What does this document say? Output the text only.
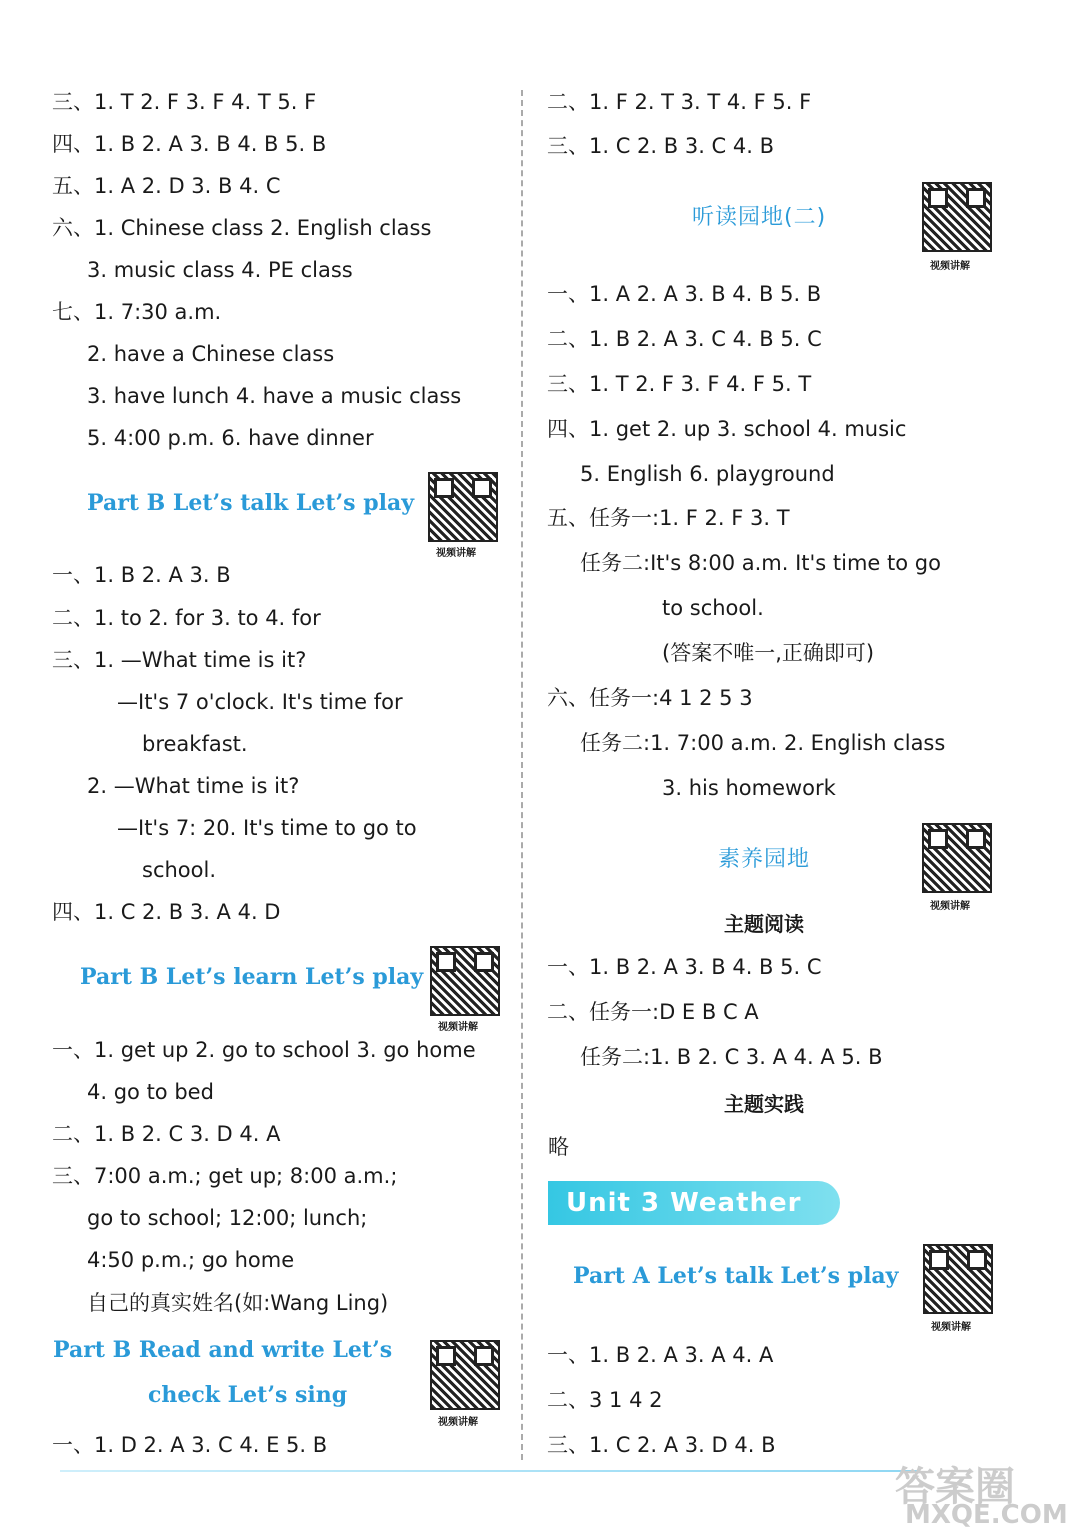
三、1. T 2. F 3. F 4. T 5. F
四、1. B 2. A 3. B 4. B 5. B
五、1. A 2. D 3. B 4. C
六、1. Chinese class 2. English class
3. music class 4. PE class
七、1. 7:30 a.m.
2. have a Chinese class
3. have lunch 4. have a music class
5. 4:00 p.m. 6. have dinner
Part B Let’s talk Let’s play
视频讲解
一、1. B 2. A 3. B
二、1. to 2. for 3. to 4. for
三、1. —What time is it?
—It's 7 o'clock. It's time for
breakfast.
2. —What time is it?
—It's 7: 20. It's time to go to
school.
四、1. C 2. B 3. A 4. D
Part B Let’s learn Let’s play
视频讲解
一、1. get up 2. go to school 3. go home
4. go to bed
二、1. B 2. C 3. D 4. A
三、7:00 a.m.; get up; 8:00 a.m.;
go to school; 12:00; lunch;
4:50 p.m.; go home
自己的真实姓名(如:Wang Ling)
Part B Read and write Let’s
check Let’s sing
视频讲解
一、1. D 2. A 3. C 4. E 5. B
二、1. F 2. T 3. T 4. F 5. F
三、1. C 2. B 3. C 4. B
听读园地(二)
视频讲解
一、1. A 2. A 3. B 4. B 5. B
二、1. B 2. A 3. C 4. B 5. C
三、1. T 2. F 3. F 4. F 5. T
四、1. get 2. up 3. school 4. music
5. English 6. playground
五、任务一:1. F 2. F 3. T
任务二:It's 8:00 a.m. It's time to go
to school.
(答案不唯一,正确即可)
六、任务一:4 1 2 5 3
任务二:1. 7:00 a.m. 2. English class
3. his homework
素养园地
视频讲解
主题阅读
一、1. B 2. A 3. B 4. B 5. C
二、任务一:D E B C A
任务二:1. B 2. C 3. A 4. A 5. B
主题实践
略
Unit 3 Weather
Part A Let’s talk Let’s play
视频讲解
一、1. B 2. A 3. A 4. A
二、3 1 4 2
三、1. C 2. A 3. D 4. B
答案圈
MXQE.COM
